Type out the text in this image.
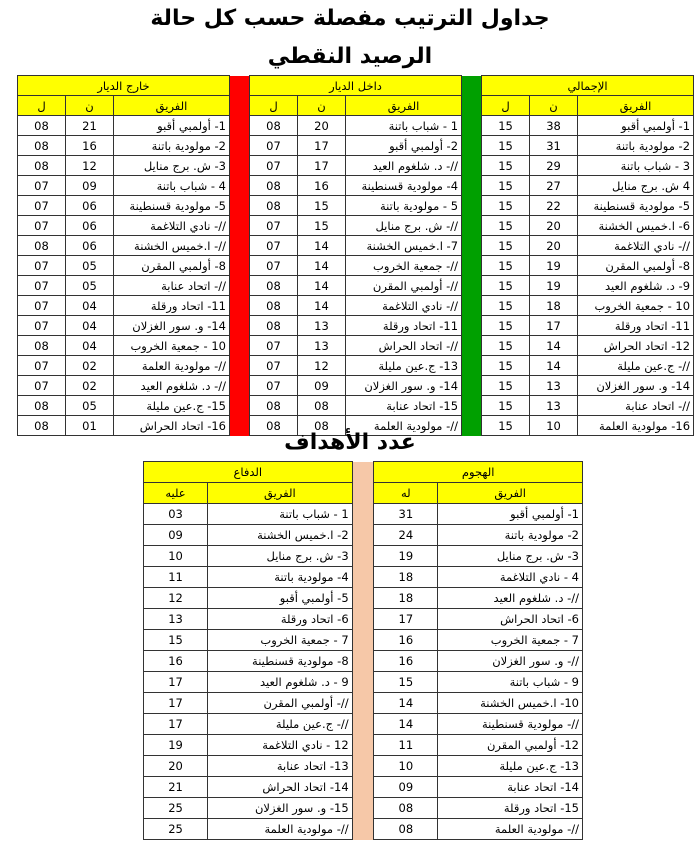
جداول الترتيب مفصلة حسب كل حالة
الرصيد النقطي
خارج الديار				داخل الديار				الإجمالي		
ل	ن	الفريق		ل	ن	الفريق		ل	ن	الفريق
08	21	1- أولمبي أقبو		08	20	1 - شباب باتنة		15	38	1- أولمبي أقبو
08	16	2- مولودية باتنة		07	17	2- أولمبي أقبو		15	31	2- مولودية باتنة
08	12	3- ش. برج منايل		07	17	//- د. شلغوم العيد		15	29	3 - شباب باتنة
07	09	4 - شباب باتنة		08	16	4- مولودية قسنطينة		15	27	4 ش. برج منايل
07	06	5- مولودية قسنطينة		08	15	5 - مولودية باتنة		15	22	5- مولودية قسنطينة
07	06	//- نادي التلاغمة		07	15	//- ش. برج منايل		15	20	6- ا.خميس الخشنة
08	06	//- ا.خميس الخشنة		07	14	7- ا.خميس الخشنة		15	20	//- نادي التلاغمة
07	05	8- أولمبي المقرن		07	14	//- جمعية الخروب		15	19	8- أولمبي المقرن
07	05	//- اتحاد عنابة		08	14	//- أولمبي المقرن		15	19	9- د. شلغوم العيد
07	04	11- اتحاد ورقلة		08	14	//- نادي التلاغمة		15	18	10 - جمعية الخروب
07	04	14- و. سور الغزلان		08	13	11- اتحاد ورقلة		15	17	11- اتحاد ورقلة
08	04	10 - جمعية الخروب		07	13	//- اتحاد الحراش		15	14	12- اتحاد الحراش
07	02	//- مولودية العلمة		07	12	13- ج.عين مليلة		15	14	//- ج.عين مليلة
07	02	//- د. شلغوم العيد		07	09	14- و. سور الغزلان		15	13	14- و. سور الغزلان
08	05	15- ج.عين مليلة		08	08	15- اتحاد عنابة		15	13	//- اتحاد عنابة
08	01	16- اتحاد الحراش		08	08	//- مولودية العلمة		15	10	16- مولودية العلمة
عدد الأهداف
الدفاع			الهجوم	
عليه	الفريق		له	الفريق
03	1 - شباب باتنة		31	1- أولمبي أقبو
09	2- ا.خميس الخشنة		24	2- مولودية باتنة
10	3- ش. برج منايل		19	3- ش. برج منايل
11	4- مولودية باتنة		18	4 - نادي التلاغمة
12	5- أولمبي أقبو		18	//- د. شلغوم العيد
13	6- اتحاد ورقلة		17	6- اتحاد الحراش
15	7 - جمعية الخروب		16	7 - جمعية الخروب
16	8- مولودية قسنطينة		16	//- و. سور الغزلان
17	9 - د. شلغوم العيد		15	9 - شباب باتنة
17	//- أولمبي المقرن		14	10- ا.خميس الخشنة
17	//- ج.عين مليلة		14	//- مولودية قسنطينة
19	12 - نادي التلاغمة		11	12- أولمبي المقرن
20	13- اتحاد عنابة		10	13- ج.عين مليلة
21	14- اتحاد الحراش		09	14- اتحاد عنابة
25	15- و. سور الغزلان		08	15- اتحاد ورقلة
25	//- مولودية العلمة		08	//- مولودية العلمة
